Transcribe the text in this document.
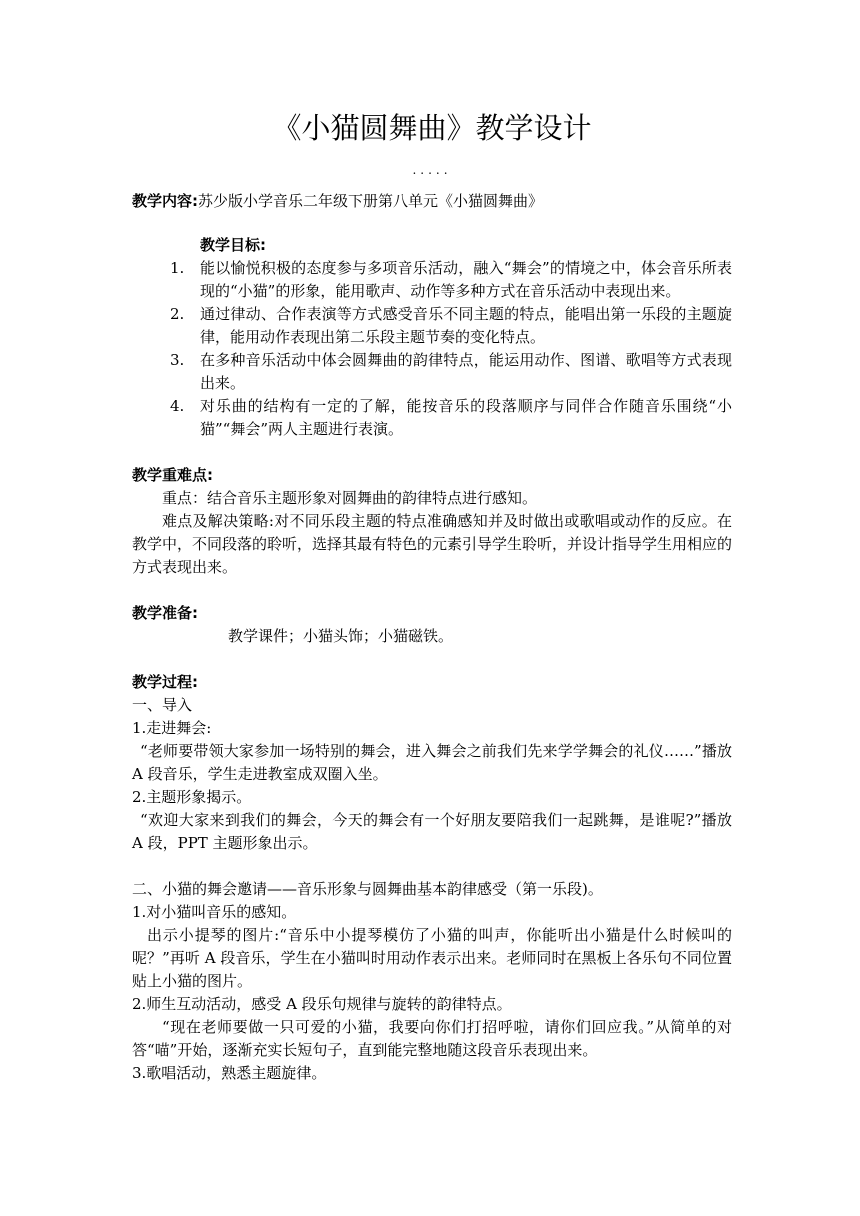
《小猫圆舞曲》教学设计
.....
教学内容:苏少版小学音乐二年级下册第八单元《小猫圆舞曲》
教学目标:
1.	能以愉悦积极的态度参与多项音乐活动，融入“舞会”的情境之中，体会音乐所表现的“小猫”的形象，能用歌声、动作等多种方式在音乐活动中表现出来。
2.	通过律动、合作表演等方式感受音乐不同主题的特点，能唱出第一乐段的主题旋律，能用动作表现出第二乐段主题节奏的变化特点。
3.	在多种音乐活动中体会圆舞曲的韵律特点，能运用动作、图谱、歌唱等方式表现出来。
4.	对乐曲的结构有一定的了解，能按音乐的段落顺序与同伴合作随音乐围绕“小猫”“舞会”两人主题进行表演。
教学重难点:
重点：结合音乐主题形象对圆舞曲的韵律特点进行感知。
难点及解决策略:对不同乐段主题的特点准确感知并及时做出或歌唱或动作的反应。在教学中，不同段落的聆听，选择其最有特色的元素引导学生聆听，并设计指导学生用相应的方式表现出来。
教学准备:
教学课件；小猫头饰；小猫磁铁。
教学过程:
一、导入
1.走进舞会:
“老师要带领大家参加一场特别的舞会，进入舞会之前我们先来学学舞会的礼仪……”播放 A 段音乐，学生走进教室成双圈入坐。
2.主题形象揭示。
“欢迎大家来到我们的舞会，今天的舞会有一个好朋友要陪我们一起跳舞，是谁呢?”播放 A 段，PPT 主题形象出示。
二、小猫的舞会邀请——音乐形象与圆舞曲基本韵律感受（第一乐段)。
1.对小猫叫音乐的感知。
出示小提琴的图片:“音乐中小提琴模仿了小猫的叫声，你能听出小猫是什么时候叫的呢？”再听 A 段音乐，学生在小猫叫时用动作表示出来。老师同时在黑板上各乐句不同位置贴上小猫的图片。
2.师生互动活动，感受 A 段乐句规律与旋转的韵律特点。
“现在老师要做一只可爱的小猫，我要向你们打招呼啦，请你们回应我。”从简单的对答“喵”开始，逐渐充实长短句子，直到能完整地随这段音乐表现出来。
3.歌唱活动，熟悉主题旋律。
